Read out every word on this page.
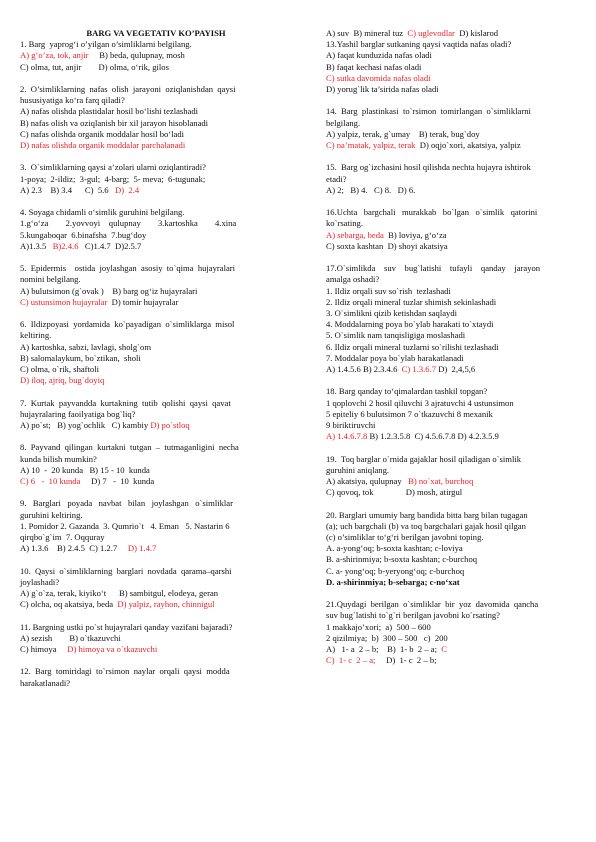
BARG VA VEGETATIV KO’PAYISH
1. Barg  yaprog‘i o’yilgan o’simliklarni belgilang.
A) g‘o’za, tok, anjir     B) beda, qulupnay, mosh
C) olma, tut, anjir        D) olma, o‘rik, gilos
2.  O’simliklarning  nafas  olish  jarayoni  oziqlanishdan  qaysi
hususiyatiga ko‘ra farq qiladi?
A) nafas olishda plastidalar hosil bo‘lishi tezlashadi
B) nafas olish va oziqlanish bir xil jarayon hisoblanadi
C) nafas olishda organik moddalar hosil bo‘ladi
D) nafas olishda organik moddalar parchalanadi
3.  O`simliklarning qaysi a’zolari ularni oziqlantiradi?
1-poya;  2-ildiz;  3-gul;  4-barg;  5- meva;  6-tugunak;
A) 2.3    B) 3.4      C)  5.6   D)  2.4
4. Soyaga chidamli o‘simlik guruhini belgilang.
1.g‘o‘za        2.yovvoyi    qulupnay        3.kartoshka        4.xina
5.kungaboqar  6.binafsha  7.bug‘doy
A)1.3.5   B)2.4.6   C)1.4.7  D)2.5.7
5.  Epidermis    ostida  joylashgan  asosiy  to`qima  hujayralari
nomini belgilang.
A) bulutsimon (g`ovak )    B) barg og‘iz hujayralari
C) ustunsimon hujayralar  D) tomir hujayralar
6.  Ildizpoyasi  yordamida  ko`payadigan  o`simliklarga  misol
keltiring.
A) kartoshka, sabzi, lavlagi, sholg`om
B) salomalaykum, bo`ztikan,  sholi
C) olma, o`rik, shaftoli
D) iloq, ajriq, bug`doyiq
7.  Kurtak  payvandda  kurtakning  tutib  qolishi  qaysi  qavat
hujayralaring faoilyatiga bog`liq?
A) po`st;   B) yog`ochlik   C) kambiy D) po`stloq
8.  Payvand  qilingan  kurtakni  tutgan  –  tutmaganligini  necha
kunda bilish mumkin?
A) 10  -  20 kunda   B) 15 - 10  kunda
C) 6   -  10 kunda     D) 7   -  10  kunda
9.   Barglari   poyada   navbat   bilan   joylashgan   o`simliklar
guruhini keltiring.
1. Pomidor 2. Gazanda  3. Qumrio`t   4. Eman   5. Nastarin 6
qirqbo`g`im  7. Oqquray
A) 1.3.6    B) 2.4.5  C) 1.2.7     D) 1.4.7
10.  Qaysi  o`simliklarning  barglari  novdada  qarama–qarshi
joylashadi?
A) g`o`za, terak, kiyiko‘t      B) sambitgul, elodeya, geran
C) olcha, oq akatsiya, beda  D) yalpiz, rayhon, chinnigul
11. Bargning ustki po`st hujayralari qanday vazifani bajaradi?
A) sezish        B) o`tkazuvchi
C) himoya     D) himoya va o`tkazuvchi
12.  Barg  tomiridagi  to`rsimon  naylar  orqali  qaysi  modda
harakatlanadi?
A) suv  B) mineral tuz  C) uglevodlar  D) kislarod
13.Yashil barglar sutkaning qaysi vaqtida nafas oladi?
A) faqat kunduzida nafas oladi
B) faqat kechasi nafas oladi
C) sutka davomida nafas oladi
D) yorug`lik ta’sirida nafas oladi
14.  Barg  plastinkasi  to`rsimon  tomirlangan  o`simliklarni
belgilang.
A) yalpiz, terak, g`umay    B) terak, bug`doy
C) na’matak, yalpiz, terak  D) oqjo`xori, akatsiya, yalpiz
15.  Barg og`izchasini hosil qilishda nechta hujayra ishtirok
etadi?
A) 2;   B) 4.   C) 8.   D) 6.
16.Uchta   bargchali   murakkab   bo`lgan   o`simlik   qatorini
ko`rsating.
A) sebarga, beda  B) loviya, g‘o‘za
C) soxta kashtan  D) shoyi akatsiya
17.O`simlikda    suv    bug`latishi    tufayli    qanday    jarayon
amalga oshadi?
1. Ildiz orqali suv so`rish  tezlashadi
2. Ildiz orqali mineral tuzlar shimish sekinlashadi
3. O`simlikni qizib ketishdan saqlaydi
4. Moddalarning poya bo`ylab harakati to`xtaydi
5. O`simlik nam tanqisligiga moslashadi
6. Ildiz orqali mineral tuzlarni so`rilishi tezlashadi
7. Moddalar poya bo`ylab harakatlanadi
A) 1.4.5.6 B) 2.3.4.6  C) 1.3.6.7 D)  2,4,5,6
18. Barg qanday to‘qimalardan tashkil topgan?
1 qoplovchi 2 hosil qiluvchi 3 ajratuvchi 4 ustunsimon
5 epiteliy 6 bulutsimon 7 o`tkazuvchi 8 mexanik
9 biriktiruvchi
A) 1.4.6.7.8 B) 1.2.3.5.8  C) 4.5.6.7.8 D) 4.2.3.5.9
19.  Toq barglar o`rnida gajaklar hosil qiladigan o`simlik
guruhini aniqlang.
A) akatsiya, qulupnay   B) no`xat, burchoq
C) qovoq, tok               D) mosh, atirgul
20. Barglari umumiy barg bandida bitta barg bilan tugagan
(a); uch bargchali (b) va toq bargchalari gajak hosil qilgan
(c) o’simliklar to‘g‘ri berilgan javobni toping.
A. a-yong‘oq; b-soxta kashtan; c-loviya
B. a-shirinmiya; b-soxta kashtan; c-burchoq
C. a- yong‘oq; b-yeryong‘oq; c-burchoq
D. a-shirinmiya; b-sebarga; c-no‘xat
21.Quydagi  berilgan  o`simliklar  bir  yoz  davomida  qancha
suv bug`latishi to`g`ri berilgan javobni ko`rsating?
1 makkajo’xori;  a)  500 – 600
2 qizilmiya;  b)  300 – 500   c)  200
A)   1- a  2 – b;    B)  1- b  2 – a;  C
C)  1- c  2 – a;     D)  1- c  2 – b;
